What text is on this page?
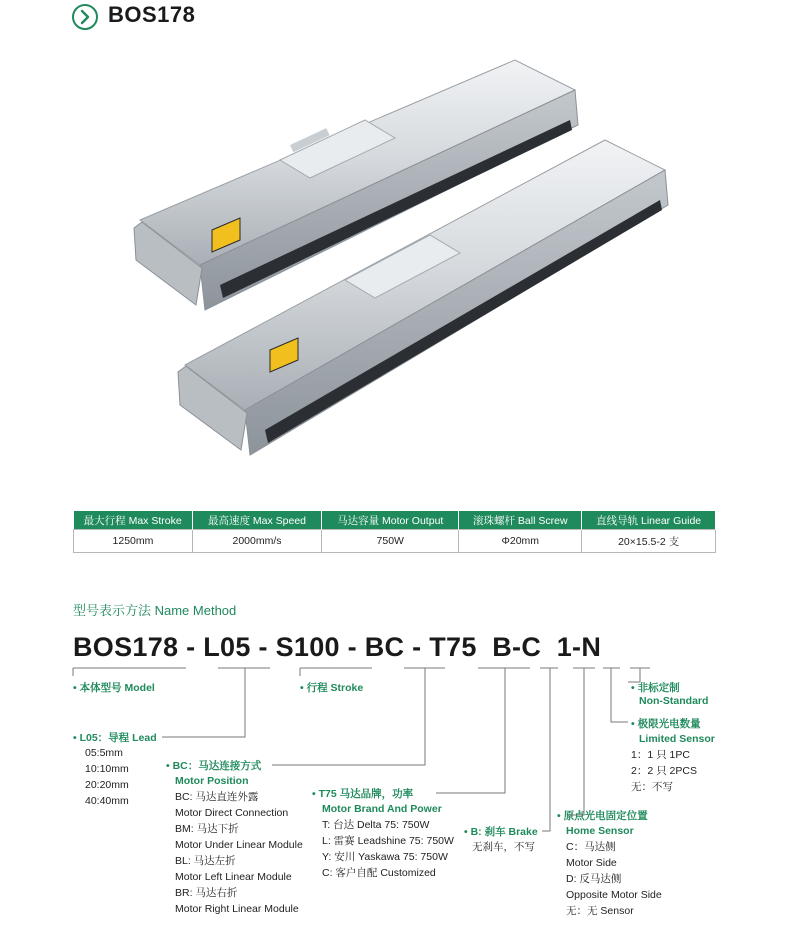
BOS178
最大行程 Max Stroke	最高速度 Max Speed	马达容量 Motor Output	滚珠螺杆 Ball Screw	直线导轨 Linear Guide
1250mm	2000mm/s	750W	Φ20mm	20×15.5-2 支
型号表示方法 Name Method
BOS178 - L05 - S100 - BC - T75  B-C  1-N
• 本体型号 Model	• 行程 Stroke	• 非标定制
Non-Standard
• 极限光电数量
Limited Sensor
1：1 只 1PC
2：2 只 2PCS
无：不写
• L05：导程 Lead
05:5mm
10:10mm
20:20mm
40:40mm
• BC：马达连接方式
Motor Position
BC: 马达直连外露
Motor Direct Connection
BM: 马达下折
Motor Under Linear Module
BL: 马达左折
Motor Left Linear Module
BR: 马达右折
Motor Right Linear Module
• T75 马达品牌，功率
Motor Brand And Power
T: 台达 Delta 75: 750W
L: 雷赛 Leadshine 75: 750W
Y: 安川 Yaskawa 75: 750W
C: 客户自配 Customized
• B: 刹车 Brake
无刹车，不写
• 原点光电固定位置
Home Sensor
C：马达侧
Motor Side
D: 反马达侧
Opposite Motor Side
无：无 Sensor
